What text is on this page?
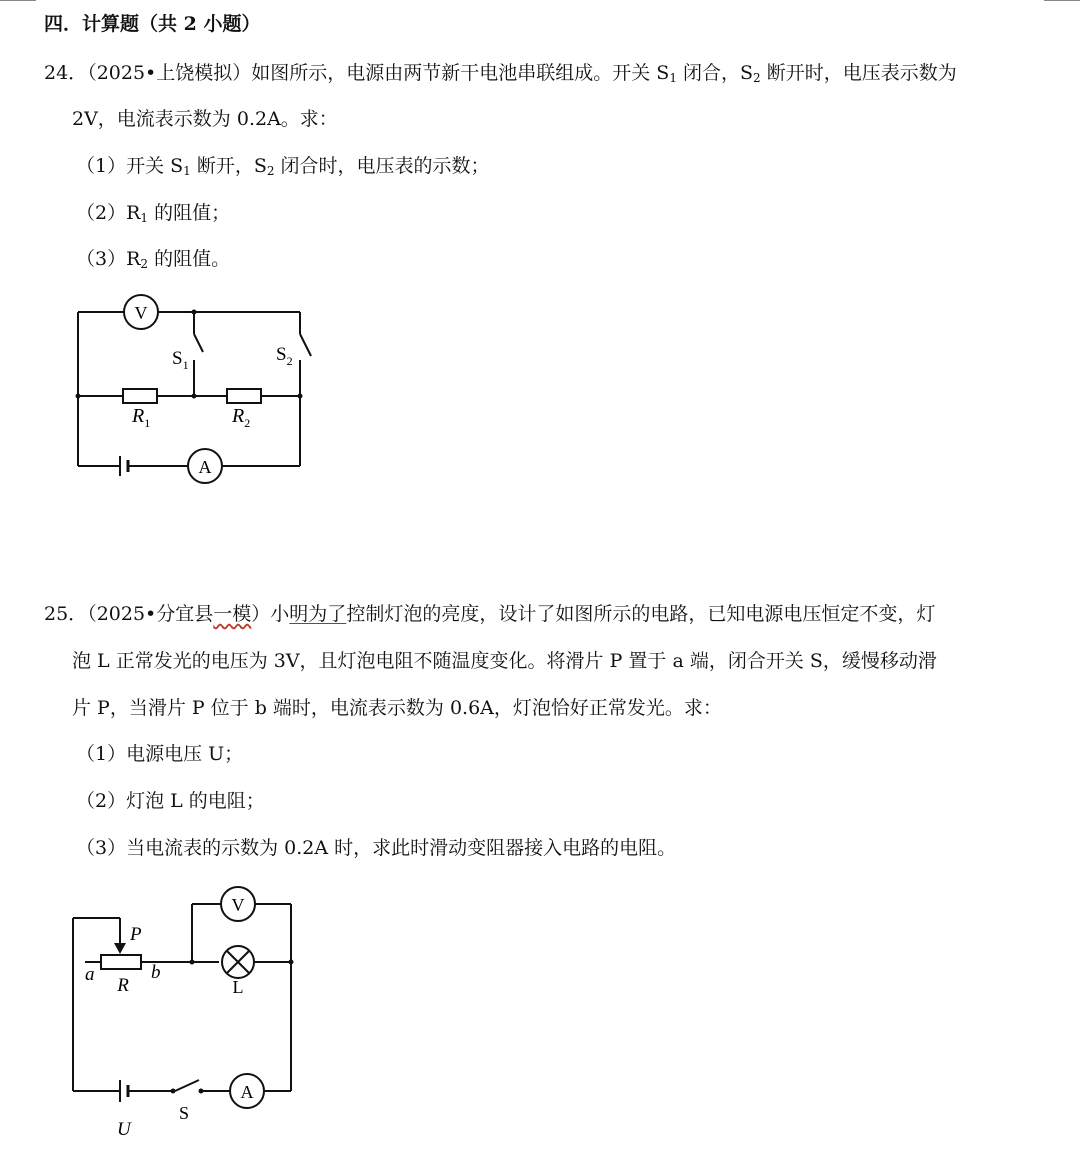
四．计算题（共 2 小题）
24．（2025•上饶模拟）如图所示，电源由两节新干电池串联组成。开关 $S_1$ 闭合，$S_2$ 断开时，电压表示数为
2V，电流表示数为 0.2A。求：
（1）开关 $S_1$ 断开，$S_2$ 闭合时，电压表的示数；
$(2)R_1$ 的阻值；
$(3)R_2$ 的阻值。
V
A
$S_1$	$S_2$
$R_1$	$R_2$
25．（2025•分宜县一模）小明为了控制灯泡的亮度，设计了如图所示的电路，已知电源电压恒定不变，灯
泡 L 正常发光的电压为 3V，且灯泡电阻不随温度变化。将滑片 P 置于 a 端，闭合开关 S，缓慢移动滑
片 P，当滑片 P 位于 b 端时，电流表示数为 0.6A，灯泡恰好正常发光。求：
（1）电源电压 U；
（2）灯泡 L 的电阻；
（3）当电流表的示数为 0.2A 时，求此时滑动变阻器接入电路的电阻。
V
A
P
a	b
R	L
S
U
